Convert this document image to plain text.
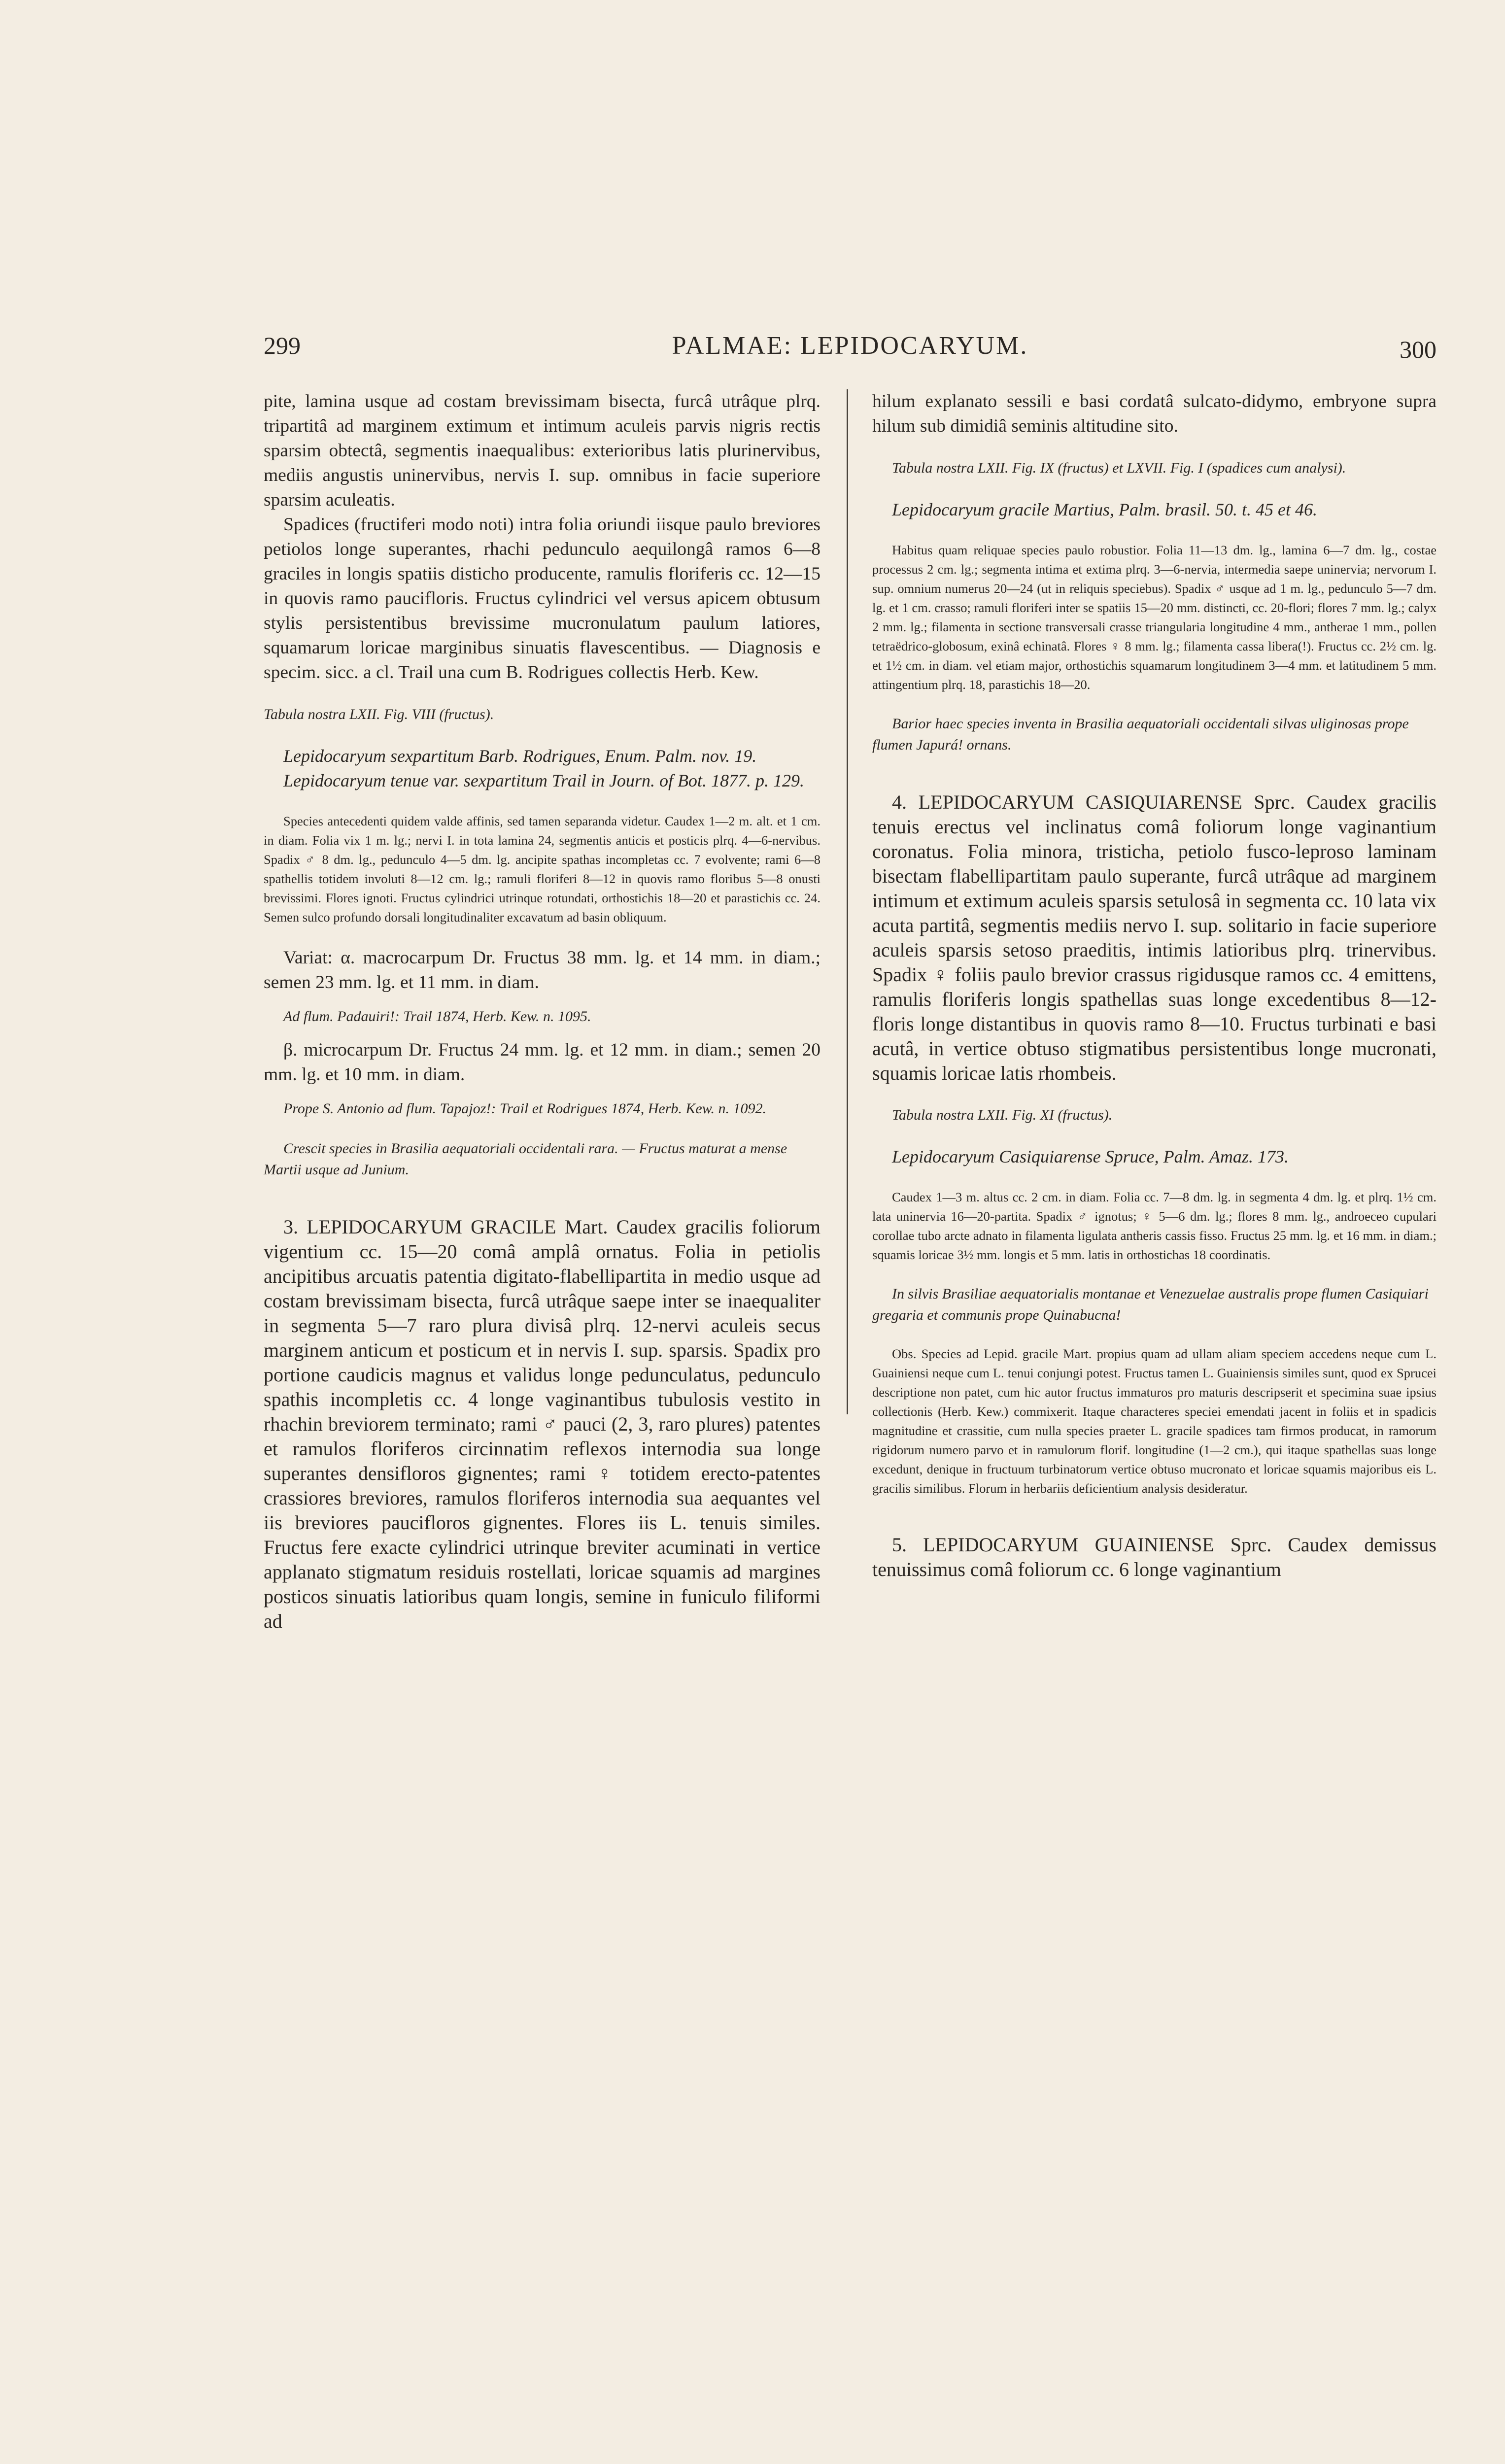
299	PALMAE: LEPIDOCARYUM.	300

pite, lamina usque ad costam brevissimam bisecta, furcâ utrâque plrq. tripartitâ ad marginem extimum et intimum aculeis parvis nigris rectis sparsim obtectâ, segmentis inaequalibus: exterioribus latis plurinervibus, mediis angustis uninervibus, nervis I. sup. omnibus in facie superiore sparsim aculeatis.

Spadices (fructiferi modo noti) intra folia oriundi iisque paulo breviores petiolos longe superantes, rhachi pedunculo aequilongâ ramos 6—8 graciles in longis spatiis disticho producente, ramulis floriferis cc. 12—15 in quovis ramo paucifloris. Fructus cylindrici vel versus apicem obtusum stylis persistentibus brevissime mucronulatum paulum latiores, squamarum loricae marginibus sinuatis flavescentibus. — Diagnosis e specim. sicc. a cl. Trail una cum B. Rodrigues collectis Herb. Kew.

Tabula nostra LXII. Fig. VIII (fructus).

Lepidocaryum sexpartitum Barb. Rodrigues, Enum. Palm. nov. 19.

Lepidocaryum tenue var. sexpartitum Trail in Journ. of Bot. 1877. p. 129.

Species antecedenti quidem valde affinis, sed tamen separanda videtur. Caudex 1—2 m. alt. et 1 cm. in diam. Folia vix 1 m. lg.; nervi I. in tota lamina 24, segmentis anticis et posticis plrq. 4—6-nervibus. Spadix ♂ 8 dm. lg., pedunculo 4—5 dm. lg. ancipite spathas incompletas cc. 7 evolvente; rami 6—8 spathellis totidem involuti 8—12 cm. lg.; ramuli floriferi 8—12 in quovis ramo floribus 5—8 onusti brevissimi. Flores ignoti. Fructus cylindrici utrinque rotundati, orthostichis 18—20 et parastichis cc. 24. Semen sulco profundo dorsali longitudinaliter excavatum ad basin obliquum.

Variat: α. macrocarpum Dr. Fructus 38 mm. lg. et 14 mm. in diam.; semen 23 mm. lg. et 11 mm. in diam.

Ad flum. Padauiri!: Trail 1874, Herb. Kew. n. 1095.

β. microcarpum Dr. Fructus 24 mm. lg. et 12 mm. in diam.; semen 20 mm. lg. et 10 mm. in diam.

Prope S. Antonio ad flum. Tapajoz!: Trail et Rodrigues 1874, Herb. Kew. n. 1092.

Crescit species in Brasilia aequatoriali occidentali rara. — Fructus maturat a mense Martii usque ad Junium.

3. LEPIDOCARYUM GRACILE Mart. Caudex gracilis foliorum vigentium cc. 15—20 comâ amplâ ornatus. Folia in petiolis ancipitibus arcuatis patentia digitato-flabellipartita in medio usque ad costam brevissimam bisecta, furcâ utrâque saepe inter se inaequaliter in segmenta 5—7 raro plura divisâ plrq. 12-nervi aculeis secus marginem anticum et posticum et in nervis I. sup. sparsis. Spadix pro portione caudicis magnus et validus longe pedunculatus, pedunculo spathis incompletis cc. 4 longe vaginantibus tubulosis vestito in rhachin breviorem terminato; rami ♂ pauci (2, 3, raro plures) patentes et ramulos floriferos circinnatim reflexos internodia sua longe superantes densifloros gignentes; rami ♀ totidem erecto-patentes crassiores breviores, ramulos floriferos internodia sua aequantes vel iis breviores paucifloros gignentes. Flores iis L. tenuis similes. Fructus fere exacte cylindrici utrinque breviter acuminati in vertice applanato stigmatum residuis rostellati, loricae squamis ad margines posticos sinuatis latioribus quam longis, semine in funiculo filiformi ad

hilum explanato sessili e basi cordatâ sulcato-didymo, embryone supra hilum sub dimidiâ seminis altitudine sito.

Tabula nostra LXII. Fig. IX (fructus) et LXVII. Fig. I (spadices cum analysi).

Lepidocaryum gracile Martius, Palm. brasil. 50. t. 45 et 46.

Habitus quam reliquae species paulo robustior. Folia 11—13 dm. lg., lamina 6—7 dm. lg., costae processus 2 cm. lg.; segmenta intima et extima plrq. 3—6-nervia, intermedia saepe uninervia; nervorum I. sup. omnium numerus 20—24 (ut in reliquis speciebus). Spadix ♂ usque ad 1 m. lg., pedunculo 5—7 dm. lg. et 1 cm. crasso; ramuli floriferi inter se spatiis 15—20 mm. distincti, cc. 20-flori; flores 7 mm. lg.; calyx 2 mm. lg.; filamenta in sectione transversali crasse triangularia longitudine 4 mm., antherae 1 mm., pollen tetraëdrico-globosum, exinâ echinatâ. Flores ♀ 8 mm. lg.; filamenta cassa libera(!). Fructus cc. 2½ cm. lg. et 1½ cm. in diam. vel etiam major, orthostichis squamarum longitudinem 3—4 mm. et latitudinem 5 mm. attingentium plrq. 18, parastichis 18—20.

Barior haec species inventa in Brasilia aequatoriali occidentali silvas uliginosas prope flumen Japurá! ornans.

4. LEPIDOCARYUM CASIQUIARENSE Sprc. Caudex gracilis tenuis erectus vel inclinatus comâ foliorum longe vaginantium coronatus. Folia minora, tristicha, petiolo fusco-leproso laminam bisectam flabellipartitam paulo superante, furcâ utrâque ad marginem intimum et extimum aculeis sparsis setulosâ in segmenta cc. 10 lata vix acuta partitâ, segmentis mediis nervo I. sup. solitario in facie superiore aculeis sparsis setoso praeditis, intimis latioribus plrq. trinervibus. Spadix ♀ foliis paulo brevior crassus rigidusque ramos cc. 4 emittens, ramulis floriferis longis spathellas suas longe excedentibus 8—12-floris longe distantibus in quovis ramo 8—10. Fructus turbinati e basi acutâ, in vertice obtuso stigmatibus persistentibus longe mucronati, squamis loricae latis rhombeis.

Tabula nostra LXII. Fig. XI (fructus).

Lepidocaryum Casiquiarense Spruce, Palm. Amaz. 173.

Caudex 1—3 m. altus cc. 2 cm. in diam. Folia cc. 7—8 dm. lg. in segmenta 4 dm. lg. et plrq. 1½ cm. lata uninervia 16—20-partita. Spadix ♂ ignotus; ♀ 5—6 dm. lg.; flores 8 mm. lg., androeceo cupulari corollae tubo arcte adnato in filamenta ligulata antheris cassis fisso. Fructus 25 mm. lg. et 16 mm. in diam.; squamis loricae 3½ mm. longis et 5 mm. latis in orthostichas 18 coordinatis.

In silvis Brasiliae aequatorialis montanae et Venezuelae australis prope flumen Casiquiari gregaria et communis prope Quinabucna!

Obs. Species ad Lepid. gracile Mart. propius quam ad ullam aliam speciem accedens neque cum L. Guainiensi neque cum L. tenui conjungi potest. Fructus tamen L. Guainiensis similes sunt, quod ex Sprucei descriptione non patet, cum hic autor fructus immaturos pro maturis descripserit et specimina suae ipsius collectionis (Herb. Kew.) commixerit. Itaque characteres speciei emendati jacent in foliis et in spadicis magnitudine et crassitie, cum nulla species praeter L. gracile spadices tam firmos producat, in ramorum rigidorum numero parvo et in ramulorum florif. longitudine (1—2 cm.), qui itaque spathellas suas longe excedunt, denique in fructuum turbinatorum vertice obtuso mucronato et loricae squamis majoribus eis L. gracilis similibus. Florum in herbariis deficientium analysis desideratur.

5. LEPIDOCARYUM GUAINIENSE Sprc. Caudex demissus tenuissimus comâ foliorum cc. 6 longe vaginantium
